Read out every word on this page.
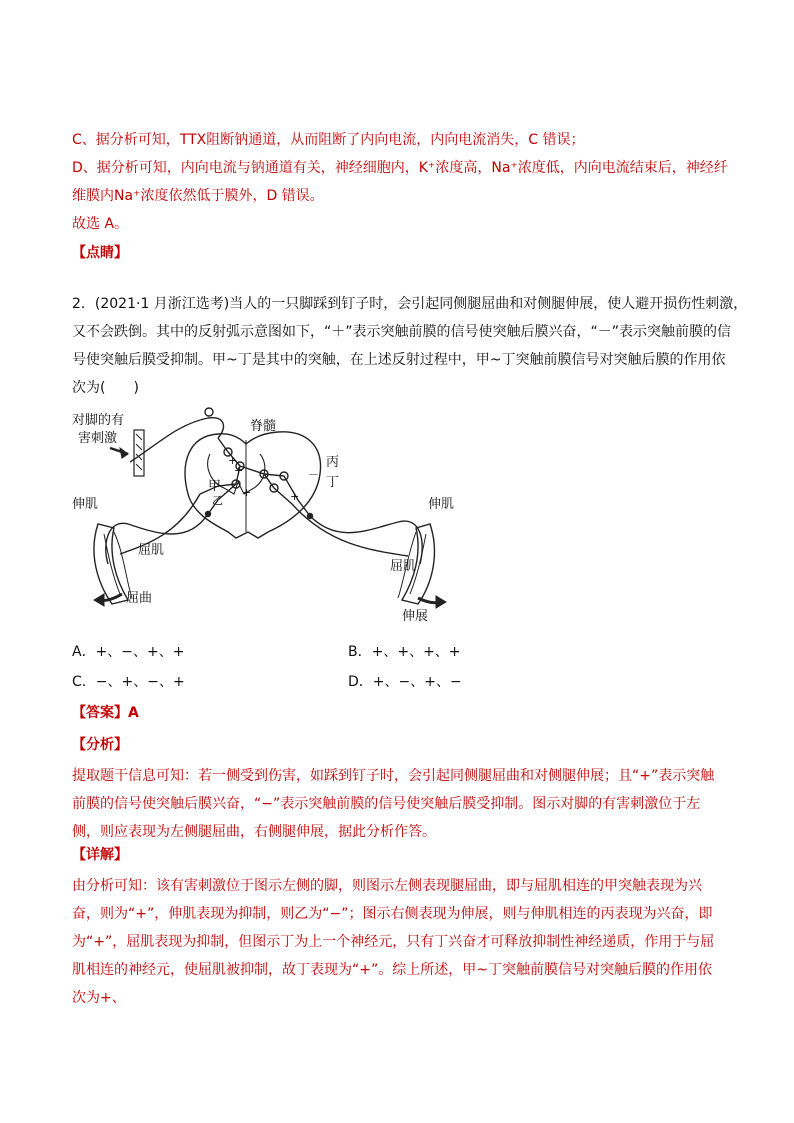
C、据分析可知，TTX阻断钠通道，从而阻断了内向电流，内向电流消失，C 错误；
D、据分析可知，内向电流与钠通道有关，神经细胞内，K⁺浓度高，Na⁺浓度低，内向电流结束后，神经纤
维膜内Na⁺浓度依然低于膜外，D 错误。
故选 A。
【点睛】
2．(2021·1 月浙江选考)当人的一只脚踩到钉子时，会引起同侧腿屈曲和对侧腿伸展，使人避开损伤性刺激，
又不会跌倒。其中的反射弧示意图如下，“＋”表示突触前膜的信号使突触后膜兴奋，“－”表示突触前膜的信
号使突触后膜受抑制。甲~丁是其中的突触，在上述反射过程中，甲~丁突触前膜信号对突触后膜的作用依
次为(　　)
对脚的有
害刺激
脊髓
甲
乙
丙
丁
伸肌
屈肌
屈曲
伸肌
屈肌
伸展
+
+
+	+
－
A．+、−、+、+	B．+、+、+、+
C．−、+、−、+	D．+、−、+、−
【答案】A
【分析】
提取题干信息可知：若一侧受到伤害，如踩到钉子时，会引起同侧腿屈曲和对侧腿伸展；且“+”表示突触前膜的信号使突触后膜兴奋，“−”表示突触前膜的信号使突触后膜受抑制。图示对脚的有害刺激位于左侧，则应表现为左侧腿屈曲，右侧腿伸展，据此分析作答。
【详解】
由分析可知：该有害刺激位于图示左侧的脚，则图示左侧表现腿屈曲，即与屈肌相连的甲突触表现为兴奋，则为“+”，伸肌表现为抑制，则乙为“−”；图示右侧表现为伸展，则与伸肌相连的丙表现为兴奋，即为“+”，屈肌表现为抑制，但图示丁为上一个神经元，只有丁兴奋才可释放抑制性神经递质，作用于与屈肌相连的神经元，使屈肌被抑制，故丁表现为“+”。综上所述，甲~丁突触前膜信号对突触后膜的作用依次为+、
